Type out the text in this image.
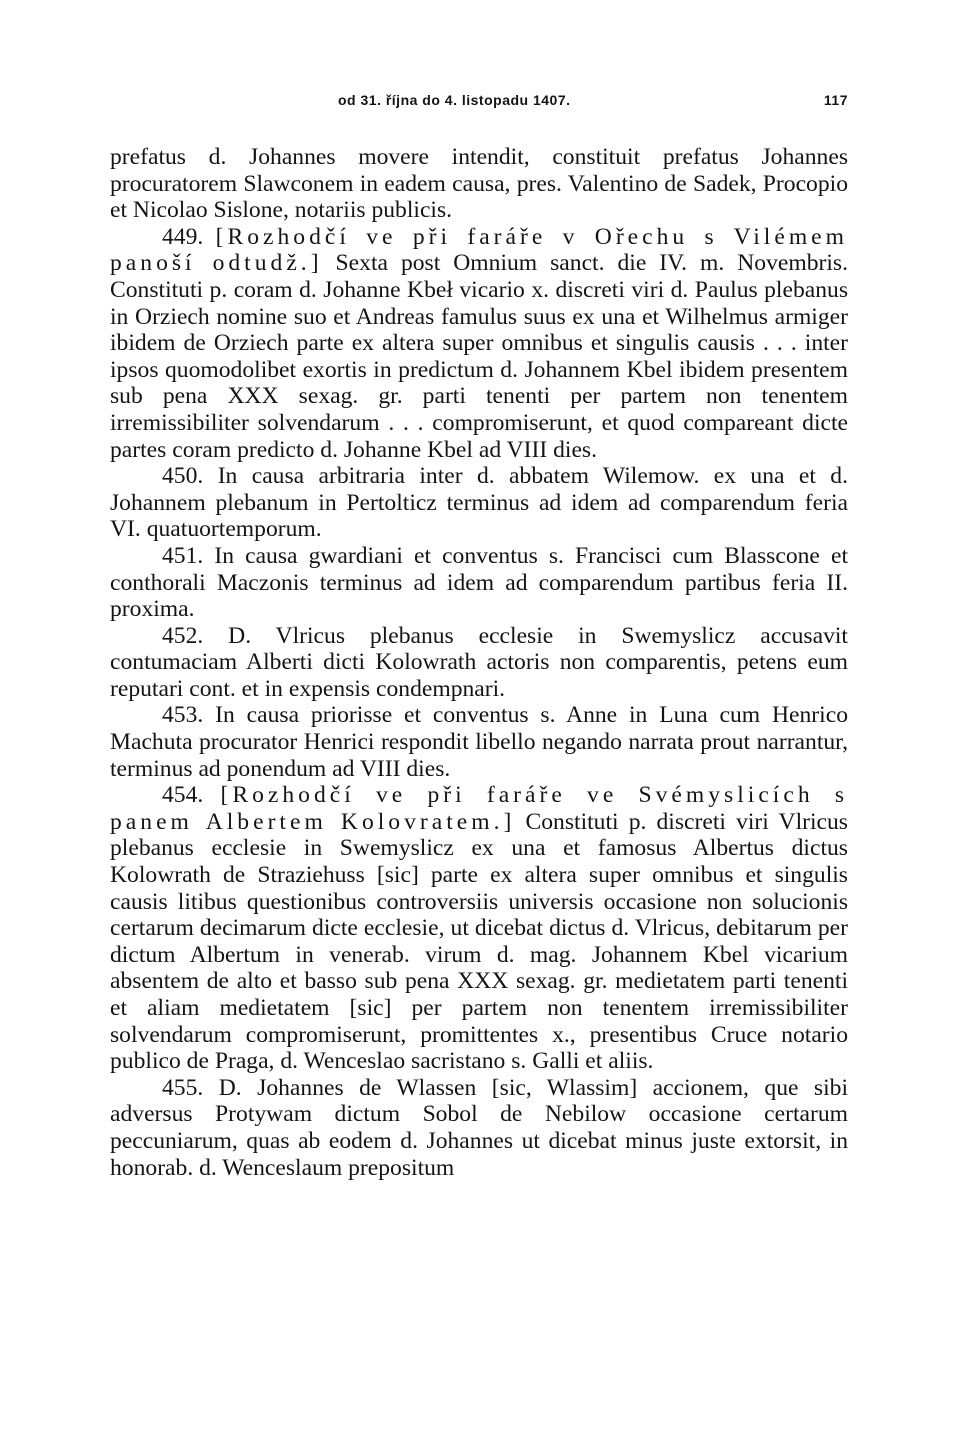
od 31. října do 4. listopadu 1407.	117

prefatus d. Johannes movere intendit, constituit prefatus Johannes procuratorem Slawconem in eadem causa, pres. Valentino de Sadek, Procopio et Nicolao Sislone, notariis publicis.

449. [Rozhodčí ve při faráře v Ořechu s Vilémem panoší odtudž.] Sexta post Omnium sanct. die IV. m. Novembris. Constituti p. coram d. Johanne Kbeł vicario x. discreti viri d. Paulus plebanus in Orziech nomine suo et Andreas famulus suus ex una et Wilhelmus armiger ibidem de Orziech parte ex altera super omnibus et singulis causis . . . inter ipsos quomodolibet exortis in predictum d. Johannem Kbel ibidem presentem sub pena XXX sexag. gr. parti tenenti per partem non tenentem irremissibiliter solvendarum . . . compromiserunt, et quod compareant dicte partes coram predicto d. Johanne Kbel ad VIII dies.

450. In causa arbitraria inter d. abbatem Wilemow. ex una et d. Johannem plebanum in Pertolticz terminus ad idem ad comparendum feria VI. quatuortemporum.

451. In causa gwardiani et conventus s. Francisci cum Blasscone et conthorali Maczonis terminus ad idem ad comparendum partibus feria II. proxima.

452. D. Vlricus plebanus ecclesie in Swemyslicz accusavit contumaciam Alberti dicti Kolowrath actoris non comparentis, petens eum reputari cont. et in expensis condempnari.

453. In causa priorisse et conventus s. Anne in Luna cum Henrico Machuta procurator Henrici respondit libello negando narrata prout narrantur, terminus ad ponendum ad VIII dies.

454. [Rozhodčí ve při faráře ve Svémyslicích s panem Albertem Kolovratem.] Constituti p. discreti viri Vlricus plebanus ecclesie in Swemyslicz ex una et famosus Albertus dictus Kolowrath de Straziehuss [sic] parte ex altera super omnibus et singulis causis litibus questionibus controversiis universis occasione non solucionis certarum decimarum dicte ecclesie, ut dicebat dictus d. Vlricus, debitarum per dictum Albertum in venerab. virum d. mag. Johannem Kbel vicarium absentem de alto et basso sub pena XXX sexag. gr. medietatem parti tenenti et aliam medietatem [sic] per partem non tenentem irremissibiliter solvendarum compromiserunt, promittentes x., presentibus Cruce notario publico de Praga, d. Wenceslao sacristano s. Galli et aliis.

455. D. Johannes de Wlassen [sic, Wlassim] accionem, que sibi adversus Protywam dictum Sobol de Nebilow occasione certarum peccuniarum, quas ab eodem d. Johannes ut dicebat minus juste extorsit, in honorab. d. Wenceslaum prepositum
